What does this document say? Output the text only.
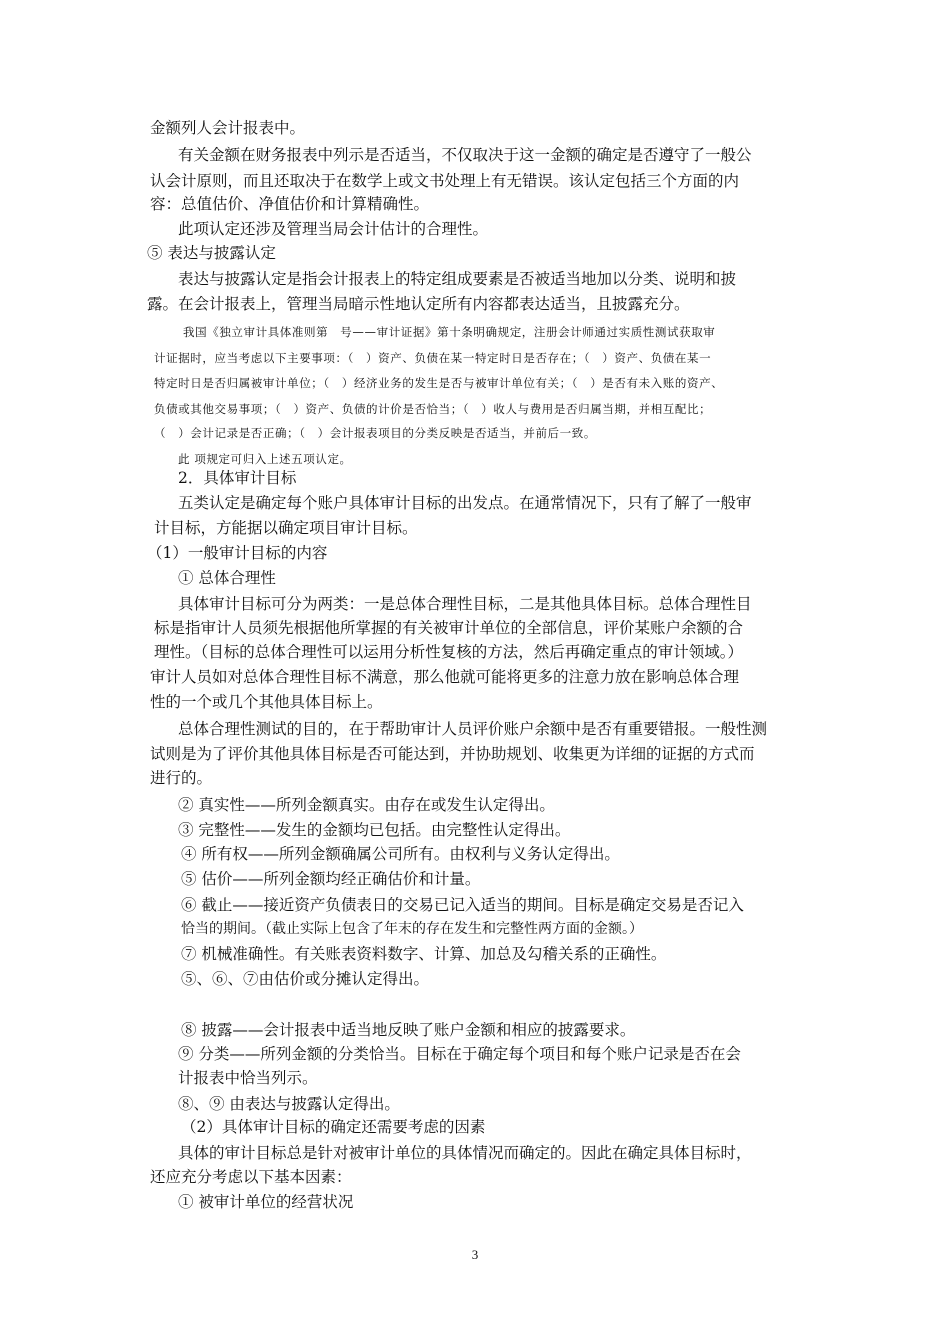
金额列人会计报表中。
有关金额在财务报表中列示是否适当，不仅取决于这一金额的确定是否遵守了一般公
认会计原则，而且还取决于在数学上或文书处理上有无错误。该认定包括三个方面的内
容：总值估价、净值估价和计算精确性。
此项认定还涉及管理当局会计估计的合理性。
⑤ 表达与披露认定
表达与披露认定是指会计报表上的特定组成要素是否被适当地加以分类、说明和披
露。在会计报表上，管理当局暗示性地认定所有内容都表达适当，且披露充分。
我国《独立审计具体准则第　号——审计证据》第十条明确规定，注册会计师通过实质性测试获取审
计证据时，应当考虑以下主要事项：（　）资产、负债在某一特定时日是否存在；（　）资产、负债在某一
特定时日是否归属被审计单位；（　）经济业务的发生是否与被审计单位有关；（　）是否有未入账的资产、
负债或其他交易事项；（　）资产、负债的计价是否恰当；（　）收人与费用是否归属当期，并相互配比；
（　）会计记录是否正确；（　）会计报表项目的分类反映是否适当，并前后一致。
此 项规定可归入上述五项认定。
2．具体审计目标
五类认定是确定每个账户具体审计目标的出发点。在通常情况下，只有了解了一般审
计目标，方能据以确定项目审计目标。
（1）一般审计目标的内容
① 总体合理性
具体审计目标可分为两类：一是总体合理性目标，二是其他具体目标。总体合理性目
标是指审计人员须先根据他所掌握的有关被审计单位的全部信息，评价某账户余额的合
理性。（目标的总体合理性可以运用分析性复核的方法，然后再确定重点的审计领域。）
审计人员如对总体合理性目标不满意，那么他就可能将更多的注意力放在影响总体合理
性的一个或几个其他具体目标上。
总体合理性测试的目的，在于帮助审计人员评价账户余额中是否有重要错报。一般性测
试则是为了评价其他具体目标是否可能达到，并协助规划、收集更为详细的证据的方式而
进行的。
② 真实性——所列金额真实。由存在或发生认定得出。
③ 完整性——发生的金额均已包括。由完整性认定得出。
④ 所有权——所列金额确属公司所有。由权利与义务认定得出。
⑤ 估价——所列金额均经正确估价和计量。
⑥ 截止——接近资产负债表日的交易已记入适当的期间。目标是确定交易是否记入
恰当的期间。（截止实际上包含了年末的存在发生和完整性两方面的金额。）
⑦ 机械准确性。有关账表资料数字、计算、加总及勾稽关系的正确性。
⑤、⑥、⑦由估价或分摊认定得出。
⑧ 披露——会计报表中适当地反映了账户金额和相应的披露要求。
⑨ 分类——所列金额的分类恰当。目标在于确定每个项目和每个账户记录是否在会
计报表中恰当列示。
⑧、⑨ 由表达与披露认定得出。
（2）具体审计目标的确定还需要考虑的因素
具体的审计目标总是针对被审计单位的具体情况而确定的。因此在确定具体目标时，
还应充分考虑以下基本因素：
① 被审计单位的经营状况
3
